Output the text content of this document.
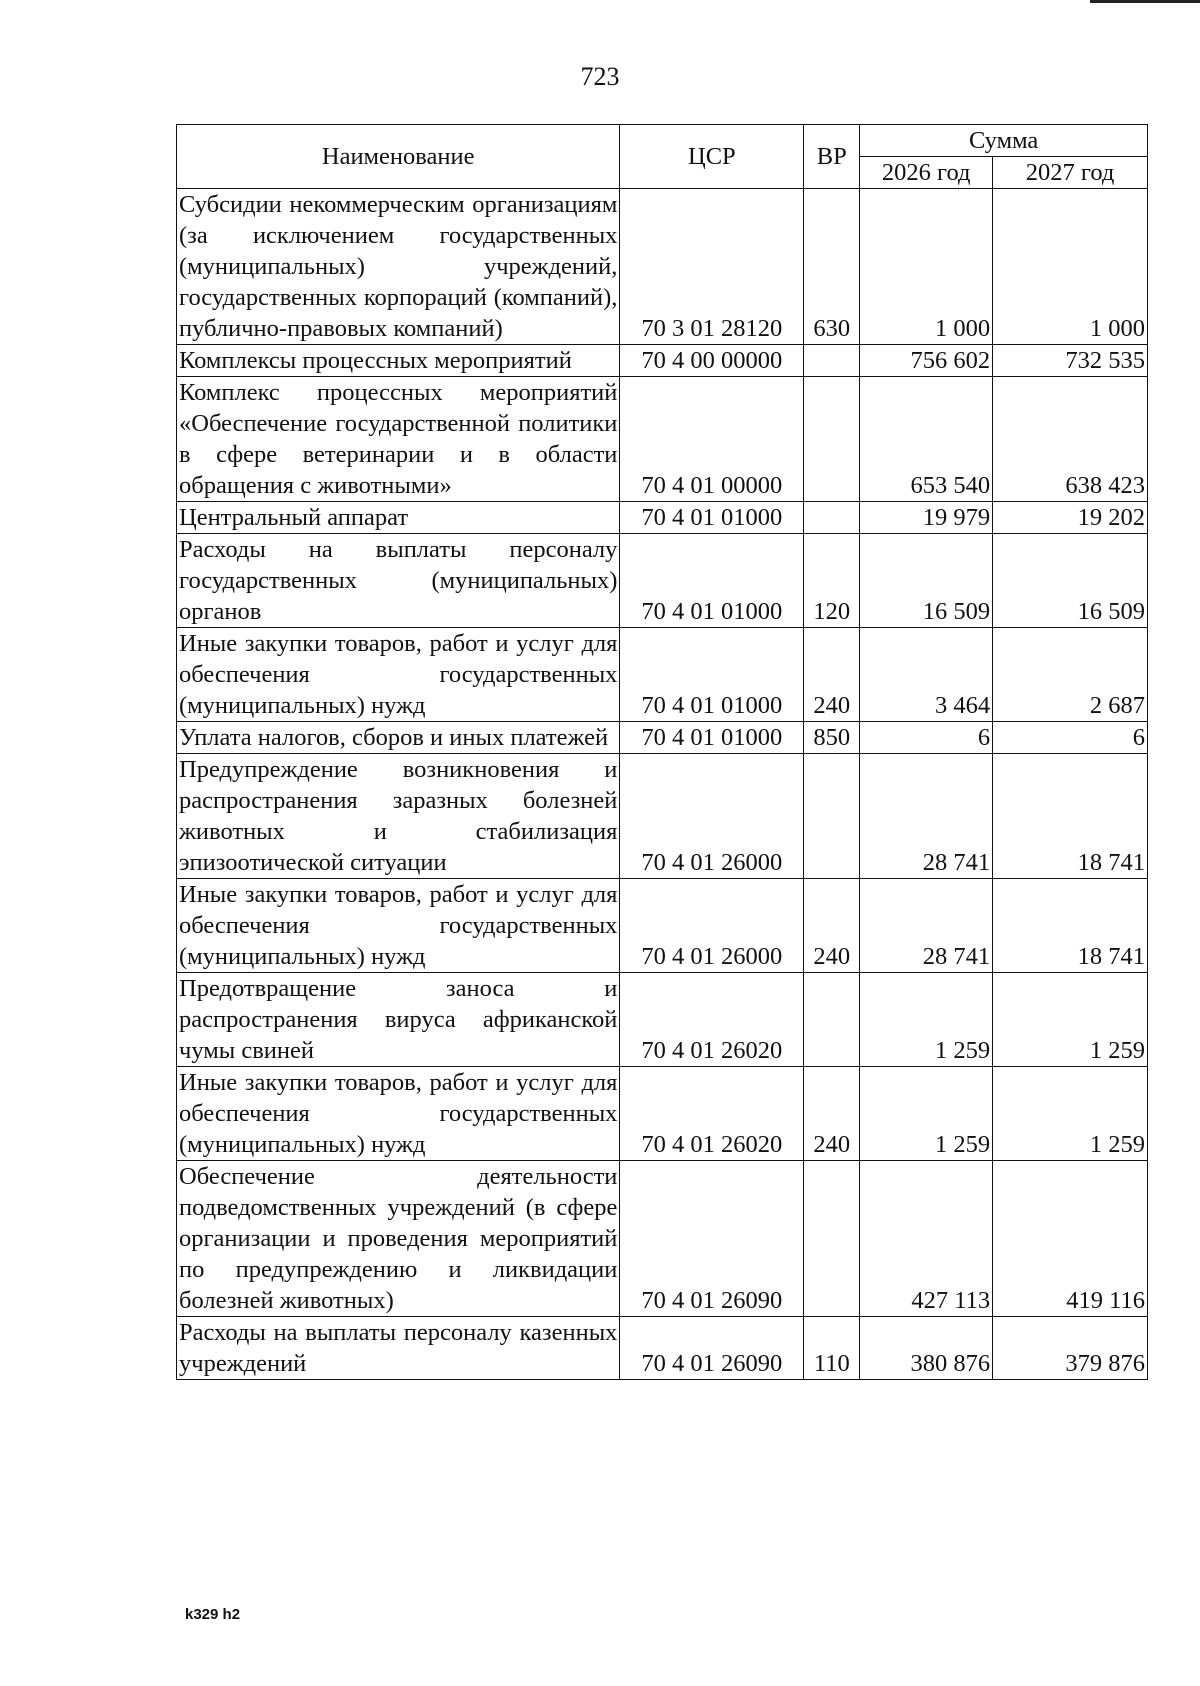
723
Наименование	ЦСР	ВР	Сумма	
			2026 год	2027 год
Субсидии некоммерческим организациям (за исключением государственных (муниципальных) учреждений, государственных корпораций (компаний), публично-правовых компаний)	70 3 01 28120	630	1 000	1 000
Комплексы процессных мероприятий	70 4 00 00000		756 602	732 535
Комплекс процессных мероприятий «Обеспечение государственной политики в сфере ветеринарии и в области обращения с животными»	70 4 01 00000		653 540	638 423
Центральный аппарат	70 4 01 01000		19 979	19 202
Расходы на выплаты персоналу государственных (муниципальных) органов	70 4 01 01000	120	16 509	16 509
Иные закупки товаров, работ и услуг для обеспечения государственных (муниципальных) нужд	70 4 01 01000	240	3 464	2 687
Уплата налогов, сборов и иных платежей	70 4 01 01000	850	6	6
Предупреждение возникновения и распространения заразных болезней животных и стабилизация эпизоотической ситуации	70 4 01 26000		28 741	18 741
Иные закупки товаров, работ и услуг для обеспечения государственных (муниципальных) нужд	70 4 01 26000	240	28 741	18 741
Предотвращение заноса и распространения вируса африканской чумы свиней	70 4 01 26020		1 259	1 259
Иные закупки товаров, работ и услуг для обеспечения государственных (муниципальных) нужд	70 4 01 26020	240	1 259	1 259
Обеспечение деятельности подведомственных учреждений (в сфере организации и проведения мероприятий по предупреждению и ликвидации болезней животных)	70 4 01 26090		427 113	419 116
Расходы на выплаты персоналу казенных учреждений	70 4 01 26090	110	380 876	379 876
k329 h2
